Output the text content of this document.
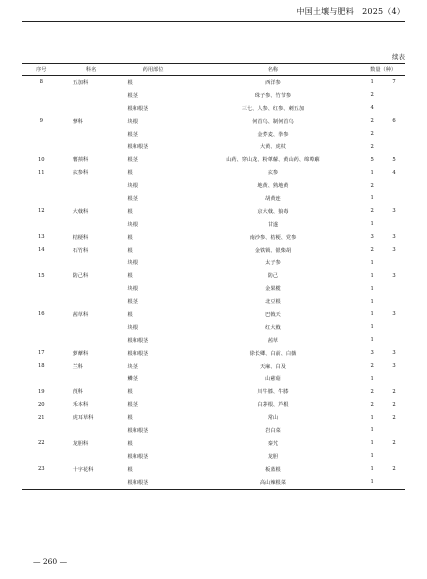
中国土壤与肥料　2025（4）
续表
序号	科名	药用部位	名称	数量（种）	
8	五加科	根	西洋参	1	7
		根茎	珠子参、竹节参	2	
		根和根茎	三七、人参、红参、刺五加	4	
9	蓼科	块根	何首乌、制何首乌	2	6
		根茎	金荞麦、拳参	2	
		根和根茎	大黄、虎杖	2	
10	薯蓣科	根茎	山药、穿山龙、粉萆薢、黄山药、绵萆薢	5	5
11	玄参科	根	玄参	1	4
		块根	地黄、熟地黄	2	
		根茎	胡黄连	1	
12	大戟科	根	京大戟、狼毒	2	3
		块根	甘遂	1	
13	桔梗科	根	南沙参、桔梗、党参	3	3
14	石竹科	根	金铁锁、银柴胡	2	3
		块根	太子参	1	
15	防己科	根	防己	1	3
		块根	金果榄	1	
		根茎	北豆根	1	
16	茜草科	根	巴戟天	1	3
		块根	红大戟	1	
		根和根茎	茜草	1	
17	萝藦科	根和根茎	徐长卿、白前、白薇	3	3
18	兰科	块茎	天麻、白及	2	3
		鳞茎	山慈菇	1	
19	莨科	根	川牛膝、牛膝	2	2
20	禾本科	根茎	白茅根、芦根	2	2
21	虎耳草科	根	常山	1	2
		根和根茎	岩白菜	1	
22	龙胆科	根	秦艽	1	2
		根和根茎	龙胆	1	
23	十字花科	根	板蓝根	1	2
		根和根茎	高山辣根菜	1	
— 260 —
